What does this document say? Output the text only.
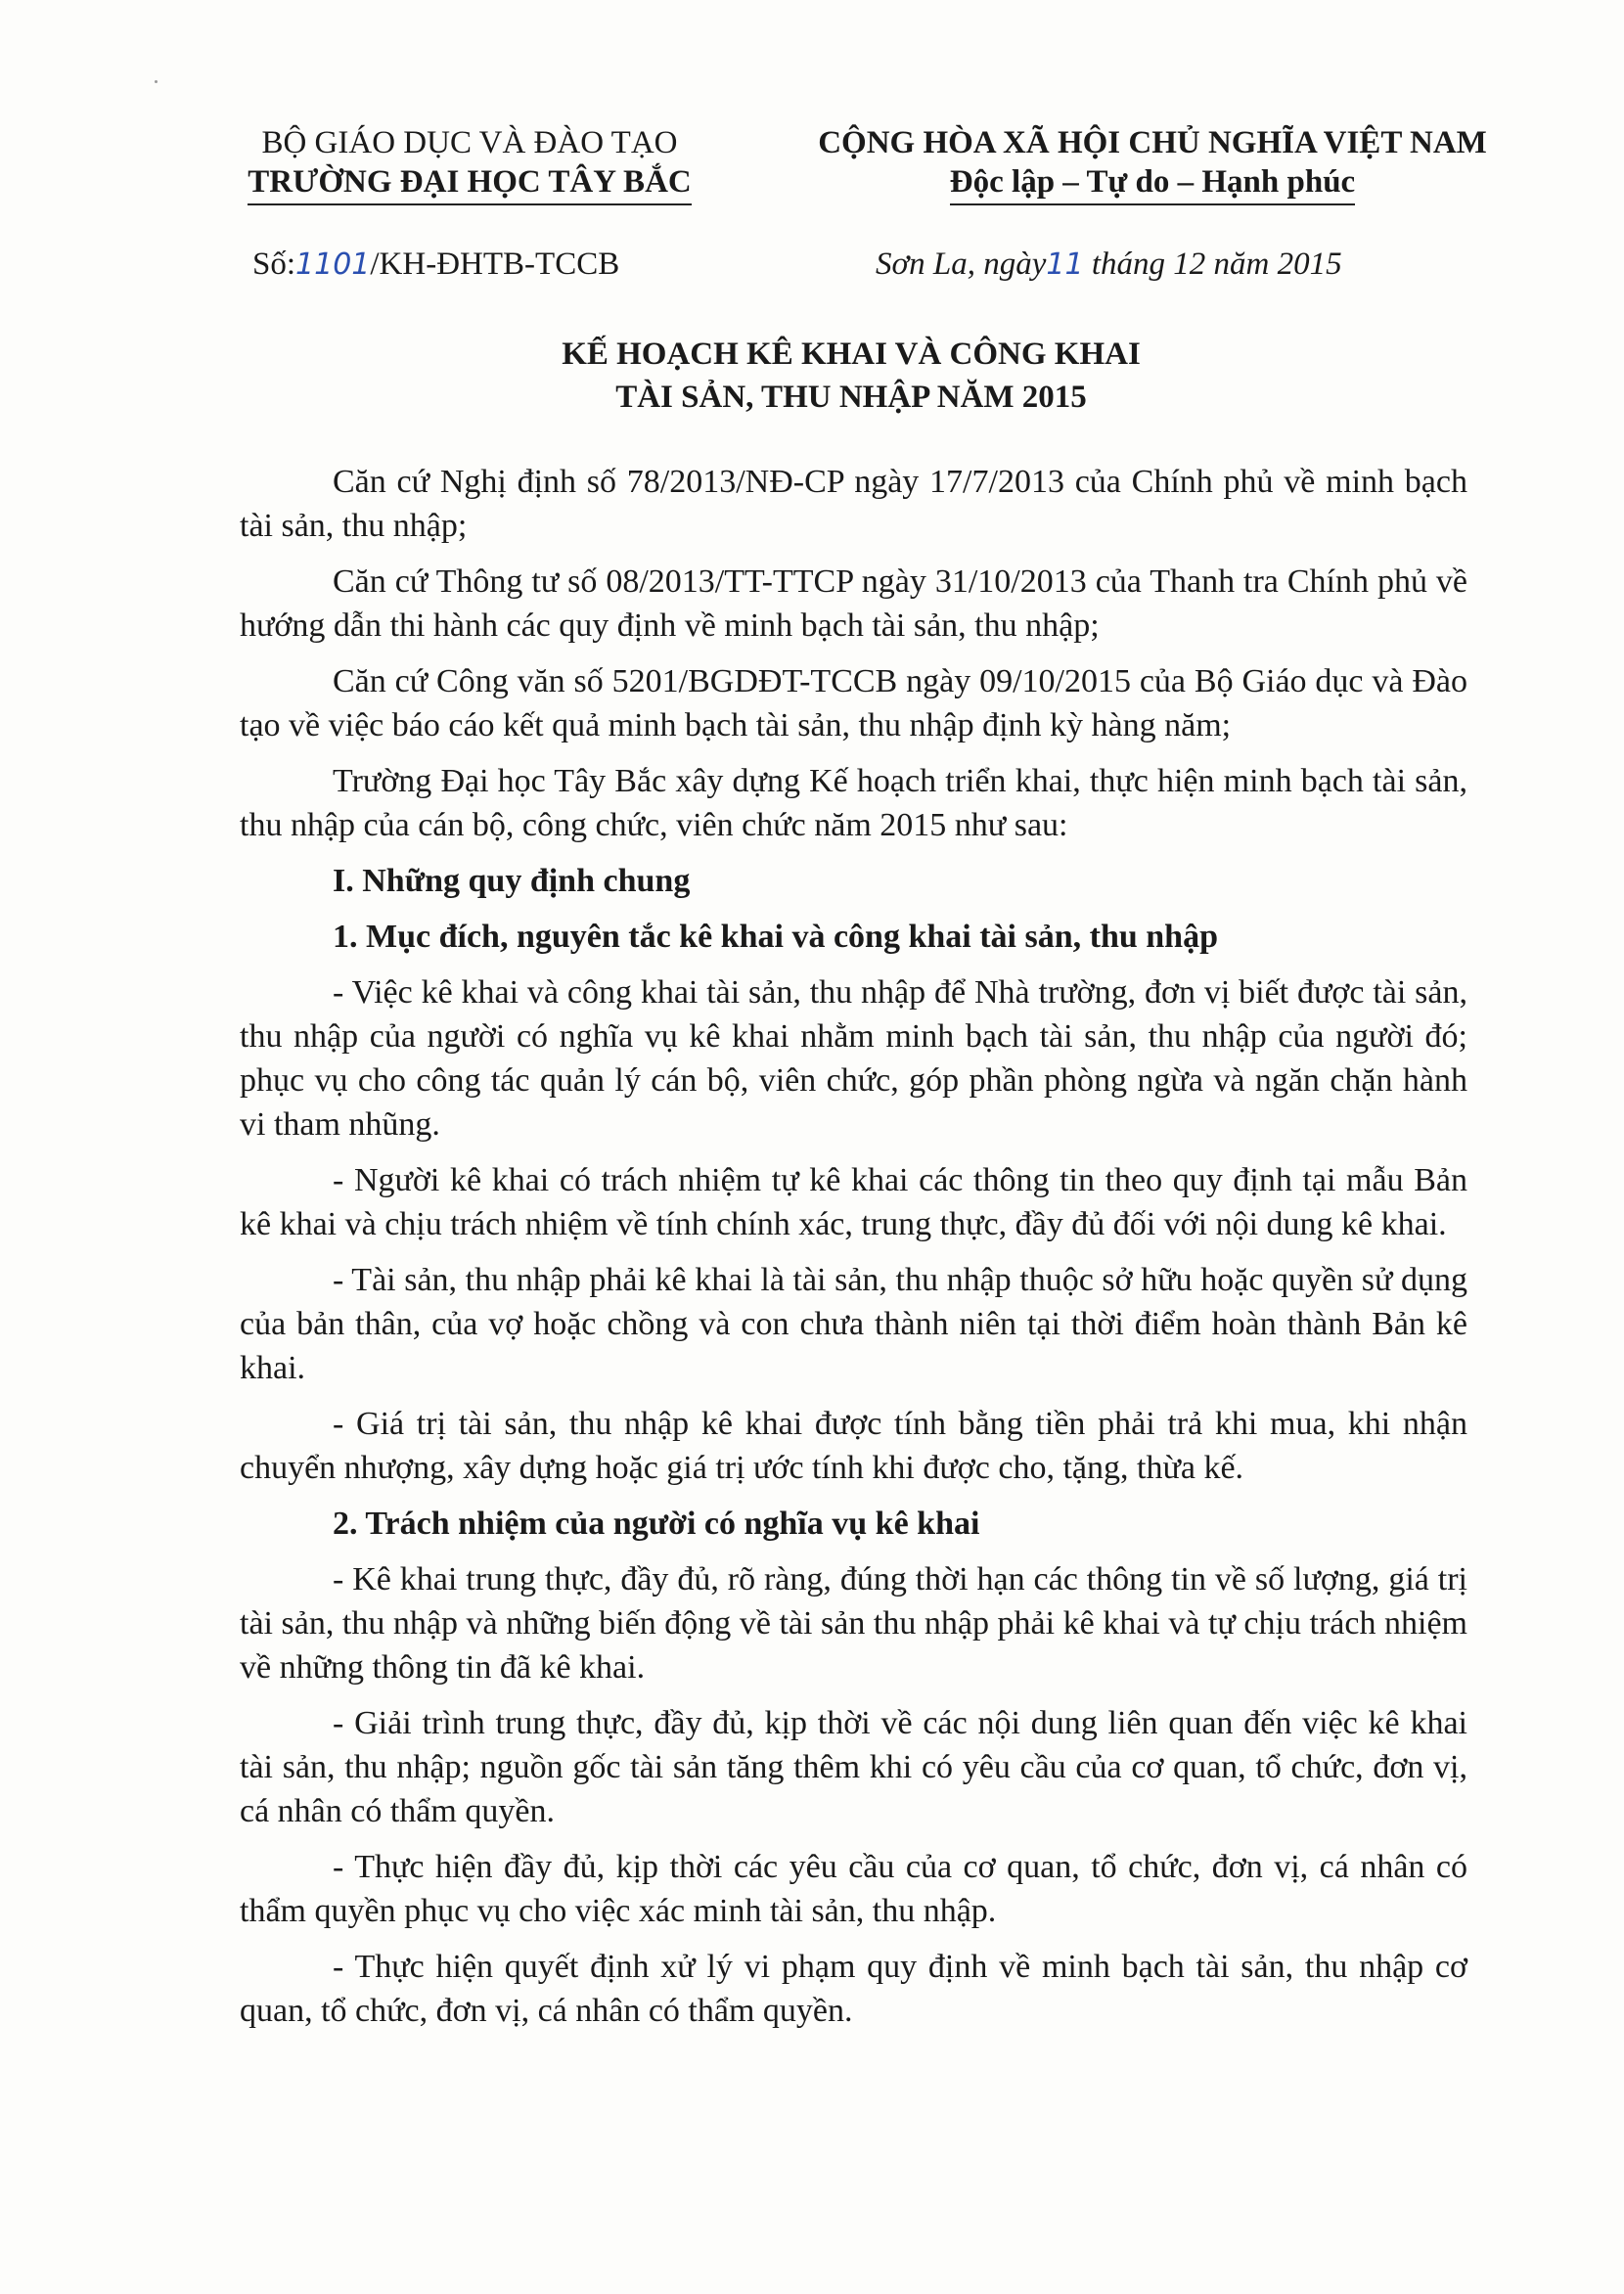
BỘ GIÁO DỤC VÀ ĐÀO TẠO
TRƯỜNG ĐẠI HỌC TÂY BẮC
CỘNG HÒA XÃ HỘI CHỦ NGHĨA VIỆT NAM
Độc lập – Tự do – Hạnh phúc
Số:1101/KH-ĐHTB-TCCB	Sơn La, ngày11 tháng 12 năm 2015
KẾ HOẠCH KÊ KHAI VÀ CÔNG KHAI
TÀI SẢN, THU NHẬP NĂM 2015

Căn cứ Nghị định số 78/2013/NĐ-CP ngày 17/7/2013 của Chính phủ về minh bạch tài sản, thu nhập;

Căn cứ Thông tư số 08/2013/TT-TTCP ngày 31/10/2013 của Thanh tra Chính phủ về hướng dẫn thi hành các quy định về minh bạch tài sản, thu nhập;

Căn cứ Công văn số 5201/BGDĐT-TCCB ngày 09/10/2015 của Bộ Giáo dục và Đào tạo về việc báo cáo kết quả minh bạch tài sản, thu nhập định kỳ hàng năm;

Trường Đại học Tây Bắc xây dựng Kế hoạch triển khai, thực hiện minh bạch tài sản, thu nhập của cán bộ, công chức, viên chức năm 2015 như sau:

I. Những quy định chung

1. Mục đích, nguyên tắc kê khai và công khai tài sản, thu nhập

- Việc kê khai và công khai tài sản, thu nhập để Nhà trường, đơn vị biết được tài sản, thu nhập của người có nghĩa vụ kê khai nhằm minh bạch tài sản, thu nhập của người đó; phục vụ cho công tác quản lý cán bộ, viên chức, góp phần phòng ngừa và ngăn chặn hành vi tham nhũng.

- Người kê khai có trách nhiệm tự kê khai các thông tin theo quy định tại mẫu Bản kê khai và chịu trách nhiệm về tính chính xác, trung thực, đầy đủ đối với nội dung kê khai.

- Tài sản, thu nhập phải kê khai là tài sản, thu nhập thuộc sở hữu hoặc quyền sử dụng của bản thân, của vợ hoặc chồng và con chưa thành niên tại thời điểm hoàn thành Bản kê khai.

- Giá trị tài sản, thu nhập kê khai được tính bằng tiền phải trả khi mua, khi nhận chuyển nhượng, xây dựng hoặc giá trị ước tính khi được cho, tặng, thừa kế.

2. Trách nhiệm của người có nghĩa vụ kê khai

- Kê khai trung thực, đầy đủ, rõ ràng, đúng thời hạn các thông tin về số lượng, giá trị tài sản, thu nhập và những biến động về tài sản thu nhập phải kê khai và tự chịu trách nhiệm về những thông tin đã kê khai.

- Giải trình trung thực, đầy đủ, kịp thời về các nội dung liên quan đến việc kê khai tài sản, thu nhập; nguồn gốc tài sản tăng thêm khi có yêu cầu của cơ quan, tổ chức, đơn vị, cá nhân có thẩm quyền.

- Thực hiện đầy đủ, kịp thời các yêu cầu của cơ quan, tổ chức, đơn vị, cá nhân có thẩm quyền phục vụ cho việc xác minh tài sản, thu nhập.

- Thực hiện quyết định xử lý vi phạm quy định về minh bạch tài sản, thu nhập cơ quan, tổ chức, đơn vị, cá nhân có thẩm quyền.
